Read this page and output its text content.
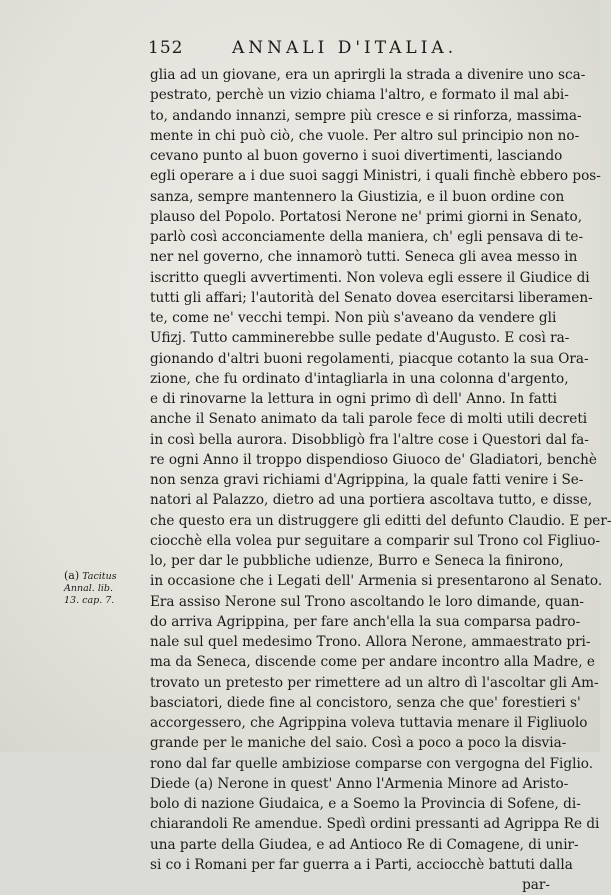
152	ANNALI D'ITALIA.
glia ad un giovane, era un aprirgli la strada a divenire uno sca-
pestrato, perchè un vizio chiama l'altro, e formato il mal abi-
to, andando innanzi, sempre più cresce e si rinforza, massima-
mente in chi può ciò, che vuole. Per altro sul principio non no-
cevano punto al buon governo i suoi divertimenti, lasciando
egli operare a i due suoi saggi Ministri, i quali finchè ebbero pos-
sanza, sempre mantennero la Giustizia, e il buon ordine con
plauso del Popolo. Portatosi Nerone ne' primi giorni in Senato,
parlò così acconciamente della maniera, ch' egli pensava di te-
ner nel governo, che innamorò tutti. Seneca gli avea messo in
iscritto quegli avvertimenti. Non voleva egli essere il Giudice di
tutti gli affari; l'autorità del Senato dovea esercitarsi liberamen-
te, come ne' vecchi tempi. Non più s'aveano da vendere gli
Ufizj. Tutto camminerebbe sulle pedate d'Augusto. E così ra-
gionando d'altri buoni regolamenti, piacque cotanto la sua Ora-
zione, che fu ordinato d'intagliarla in una colonna d'argento,
e di rinovarne la lettura in ogni primo dì dell' Anno. In fatti
anche il Senato animato da tali parole fece di molti utili decreti
in così bella aurora. Disobbligò fra l'altre cose i Questori dal fa-
re ogni Anno il troppo dispendioso Giuoco de' Gladiatori, benchè
non senza gravi richiami d'Agrippina, la quale fatti venire i Se-
natori al Palazzo, dietro ad una portiera ascoltava tutto, e disse,
che questo era un distruggere gli editti del defunto Claudio. E per-
ciocchè ella volea pur seguitare a comparir sul Trono col Figliuo-
lo, per dar le pubbliche udienze, Burro e Seneca la finirono,
in occasione che i Legati dell' Armenia si presentarono al Senato.
Era assiso Nerone sul Trono ascoltando le loro dimande, quan-
do arriva Agrippina, per fare anch'ella la sua comparsa padro-
nale sul quel medesimo Trono. Allora Nerone, ammaestrato pri-
ma da Seneca, discende come per andare incontro alla Madre, e
trovato un pretesto per rimettere ad un altro dì l'ascoltar gli Am-
basciatori, diede fine al concistoro, senza che que' forestieri s'
accorgessero, che Agrippina voleva tuttavia menare il Figliuolo
grande per le maniche del saio. Così a poco a poco la disvia-
rono dal far quelle ambiziose comparse con vergogna del Figlio.
Diede (a) Nerone in quest' Anno l'Armenia Minore ad Aristo-
bolo di nazione Giudaica, e a Soemo la Provincia di Sofene, di-
chiarandoli Re amendue. Spedì ordini pressanti ad Agrippa Re di
una parte della Giudea, e ad Antioco Re di Comagene, di unir-
si co i Romani per far guerra a i Parti, acciocchè battuti dalla
par-
(a) Tacitus
Annal. lib.
13. cap. 7.
